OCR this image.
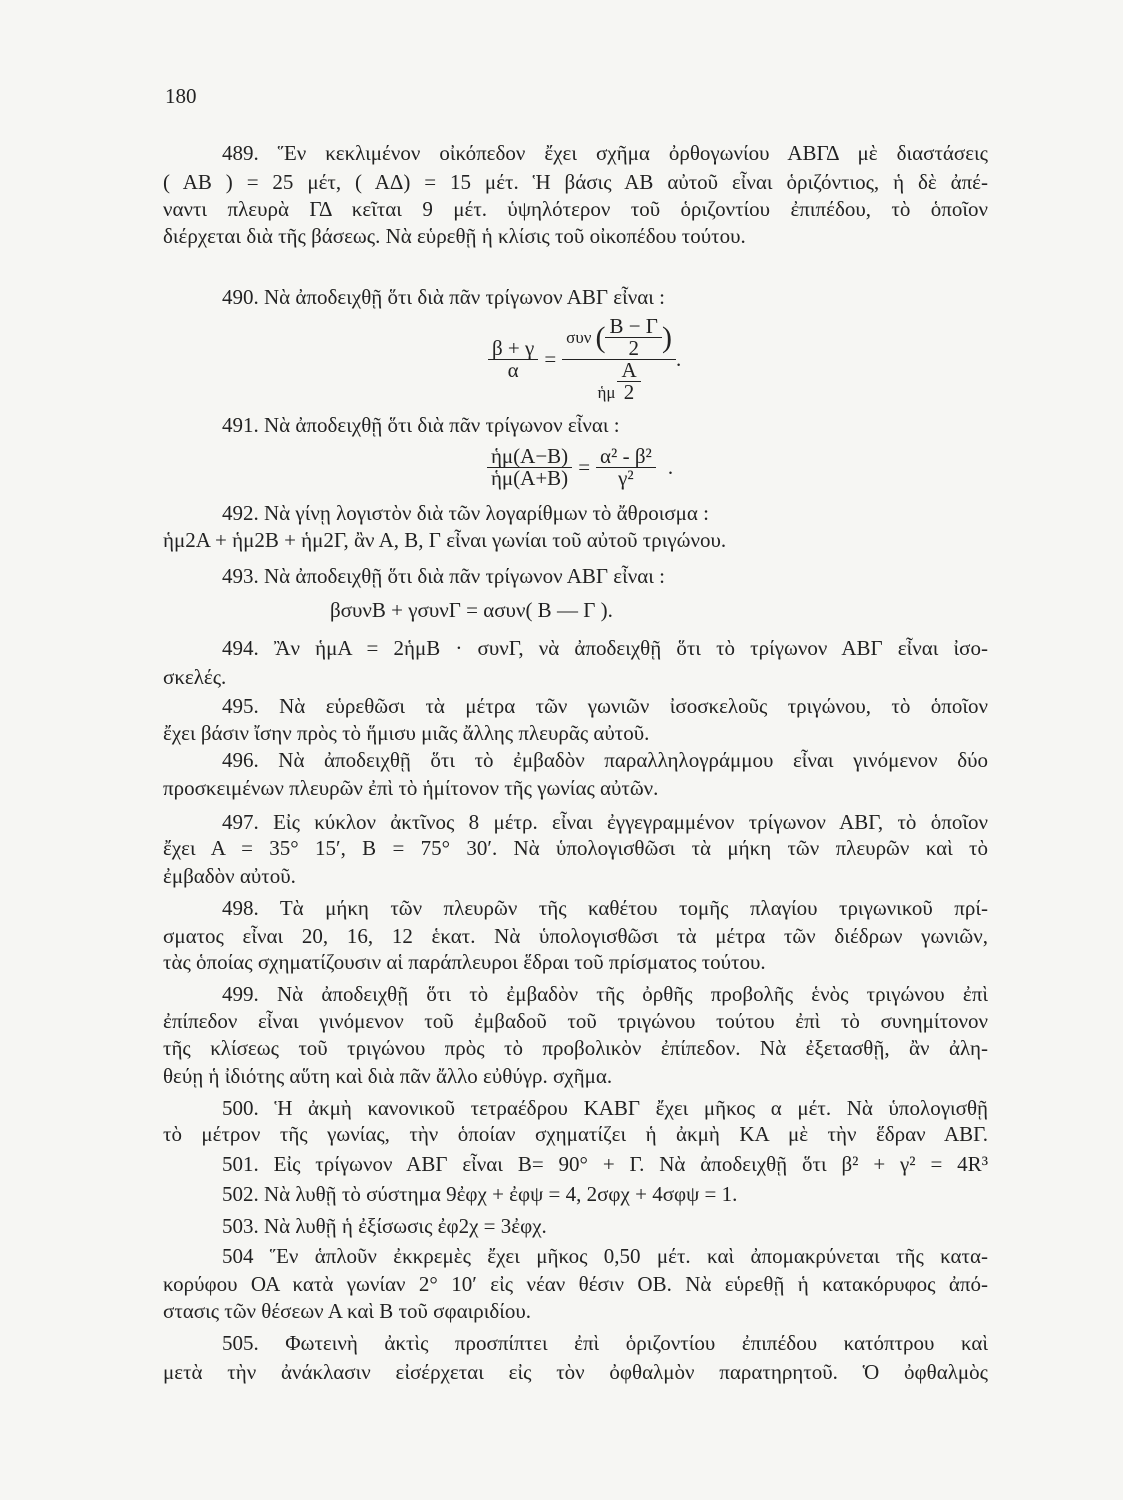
180
489. Ἕν κεκλιμένον οἰκόπεδον ἔχει σχῆμα ὀρθογωνίου ΑΒΓΔ μὲ διαστάσεις
( ΑΒ ) = 25 μέτ, ( ΑΔ) = 15 μέτ. Ἡ βάσις ΑΒ αὐτοῦ εἶναι ὁριζόντιος, ἡ δὲ ἀπέ-
ναντι πλευρὰ ΓΔ κεῖται 9 μέτ. ὑψηλότερον τοῦ ὁριζοντίου ἐπιπέδου, τὸ ὁποῖον
διέρχεται διὰ τῆς βάσεως. Νὰ εὑρεθῇ ἡ κλίσις τοῦ οἰκοπέδου τούτου.
490. Νὰ ἀποδειχθῇ ὅτι διὰ πᾶν τρίγωνον ΑΒΓ εἶναι :
491. Νὰ ἀποδειχθῇ ὅτι διὰ πᾶν τρίγωνον εἶναι :
492. Νὰ γίνῃ λογιστὸν διὰ τῶν λογαρίθμων τὸ ἄθροισμα :
ἡμ2Α + ἡμ2Β + ἡμ2Γ, ἂν Α, Β, Γ εἶναι γωνίαι τοῦ αὐτοῦ τριγώνου.
493. Νὰ ἀποδειχθῇ ὅτι διὰ πᾶν τρίγωνον ΑΒΓ εἶναι :
494. Ἂν ἡμΑ = 2ἡμΒ · συνΓ, νὰ ἀποδειχθῇ ὅτι τὸ τρίγωνον ΑΒΓ εἶναι ἰσο-
σκελές.
495. Νὰ εὑρεθῶσι τὰ μέτρα τῶν γωνιῶν ἰσοσκελοῦς τριγώνου, τὸ ὁποῖον
ἔχει βάσιν ἴσην πρὸς τὸ ἥμισυ μιᾶς ἄλλης πλευρᾶς αὐτοῦ.
496. Νὰ ἀποδειχθῇ ὅτι τὸ ἐμβαδὸν παραλληλογράμμου εἶναι γινόμενον δύο
προσκειμένων πλευρῶν ἐπὶ τὸ ἡμίτονον τῆς γωνίας αὐτῶν.
497. Εἰς κύκλον ἀκτῖνος 8 μέτρ. εἶναι ἐγγεγραμμένον τρίγωνον ΑΒΓ, τὸ ὁποῖον
ἔχει Α = 35° 15′, Β = 75° 30′. Νὰ ὑπολογισθῶσι τὰ μήκη τῶν πλευρῶν καὶ τὸ
ἐμβαδὸν αὐτοῦ.
498. Τὰ μήκη τῶν πλευρῶν τῆς καθέτου τομῆς πλαγίου τριγωνικοῦ πρί-
σματος εἶναι 20, 16, 12 ἑκατ. Νὰ ὑπολογισθῶσι τὰ μέτρα τῶν διέδρων γωνιῶν,
τὰς ὁποίας σχηματίζουσιν αἱ παράπλευροι ἕδραι τοῦ πρίσματος τούτου.
499. Νὰ ἀποδειχθῇ ὅτι τὸ ἐμβαδὸν τῆς ὀρθῆς προβολῆς ἑνὸς τριγώνου ἐπὶ
ἐπίπεδον εἶναι γινόμενον τοῦ ἐμβαδοῦ τοῦ τριγώνου τούτου ἐπὶ τὸ συνημίτονον
τῆς κλίσεως τοῦ τριγώνου πρὸς τὸ προβολικὸν ἐπίπεδον. Νὰ ἐξετασθῇ, ἂν ἀλη-
θεύῃ ἡ ἰδιότης αὕτη καὶ διὰ πᾶν ἄλλο εὐθύγρ. σχῆμα.
500. Ἡ ἀκμὴ κανονικοῦ τετραέδρου ΚΑΒΓ ἔχει μῆκος α μέτ. Νὰ ὑπολογισθῇ
τὸ μέτρον τῆς γωνίας, τὴν ὁποίαν σχηματίζει ἡ ἀκμὴ ΚΑ μὲ τὴν ἕδραν ΑΒΓ.
501. Εἰς τρίγωνον ΑΒΓ εἶναι Β= 90° + Γ. Νὰ ἀποδειχθῇ ὅτι β² + γ² = 4R³
502. Νὰ λυθῇ τὸ σύστημα 9ἐφχ + ἐφψ = 4, 2σφχ + 4σφψ = 1.
503. Νὰ λυθῇ ἡ ἐξίσωσις ἐφ2χ = 3ἐφχ.
504 Ἕν ἁπλοῦν ἐκκρεμὲς ἔχει μῆκος 0,50 μέτ. καὶ ἀπομακρύνεται τῆς κατα-
κορύφου ΟΑ κατὰ γωνίαν 2° 10′ εἰς νέαν θέσιν ΟΒ. Νὰ εὑρεθῇ ἡ κατακόρυφος ἀπό-
στασις τῶν θέσεων Α καὶ Β τοῦ σφαιριδίου.
505. Φωτεινὴ ἀκτὶς προσπίπτει ἐπὶ ὁριζοντίου ἐπιπέδου κατόπτρου καὶ
μετὰ τὴν ἀνάκλασιν εἰσέρχεται εἰς τὸν ὀφθαλμὸν παρατηρητοῦ. Ὁ ὀφθαλμὸς
$\frac{\beta + \gamma}{\alpha} = \frac{\sigma\upsilon\nu ( \frac{B - \Gamma}{2} )}{ἡ\mu \frac{A}{2}}$ .
$\frac{\text{ἡμ(Α−Β)}}{\text{ἡμ(Α+Β)}} = \frac{\text{α² - β²}}{\text{γ²}}$ .
βσυνΒ + γσυνΓ = ασυν( Β — Γ ).
